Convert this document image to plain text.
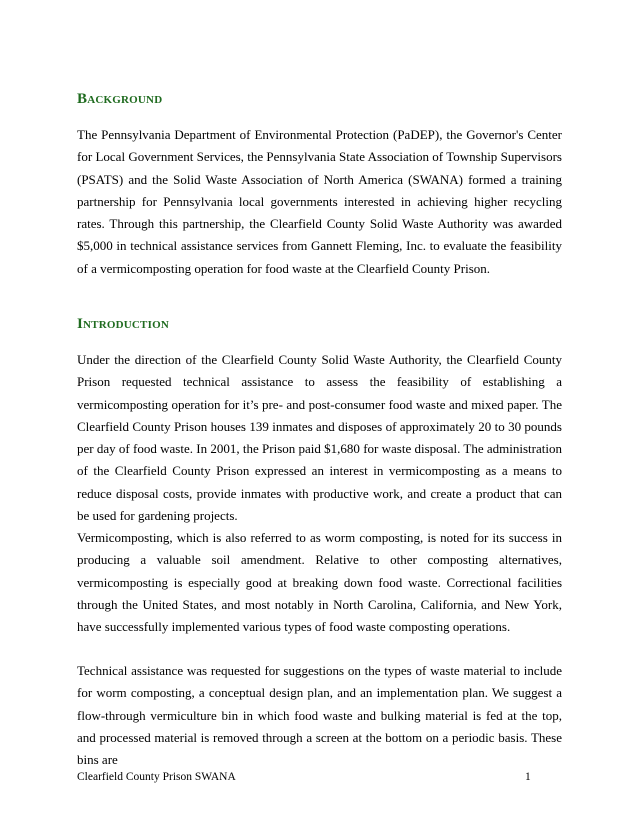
Background

The Pennsylvania Department of Environmental Protection (PaDEP), the Governor's Center for Local Government Services, the Pennsylvania State Association of Township Supervisors (PSATS) and the Solid Waste Association of North America (SWANA) formed a training partnership for Pennsylvania local governments interested in achieving higher recycling rates. Through this partnership, the Clearfield County Solid Waste Authority was awarded $5,000 in technical assistance services from Gannett Fleming, Inc. to evaluate the feasibility of a vermicomposting operation for food waste at the Clearfield County Prison.

Introduction

Under the direction of the Clearfield County Solid Waste Authority, the Clearfield County Prison requested technical assistance to assess the feasibility of establishing a vermicomposting operation for it’s pre- and post-consumer food waste and mixed paper. The Clearfield County Prison houses 139 inmates and disposes of approximately 20 to 30 pounds per day of food waste. In 2001, the Prison paid $1,680 for waste disposal. The administration of the Clearfield County Prison expressed an interest in vermicomposting as a means to reduce disposal costs, provide inmates with productive work, and create a product that can be used for gardening projects.

Vermicomposting, which is also referred to as worm composting, is noted for its success in producing a valuable soil amendment. Relative to other composting alternatives, vermicomposting is especially good at breaking down food waste. Correctional facilities through the United States, and most notably in North Carolina, California, and New York, have successfully implemented various types of food waste composting operations.

Technical assistance was requested for suggestions on the types of waste material to include for worm composting, a conceptual design plan, and an implementation plan. We suggest a flow-through vermiculture bin in which food waste and bulking material is fed at the top, and processed material is removed through a screen at the bottom on a periodic basis. These bins are

Clearfield County Prison SWANA	1
